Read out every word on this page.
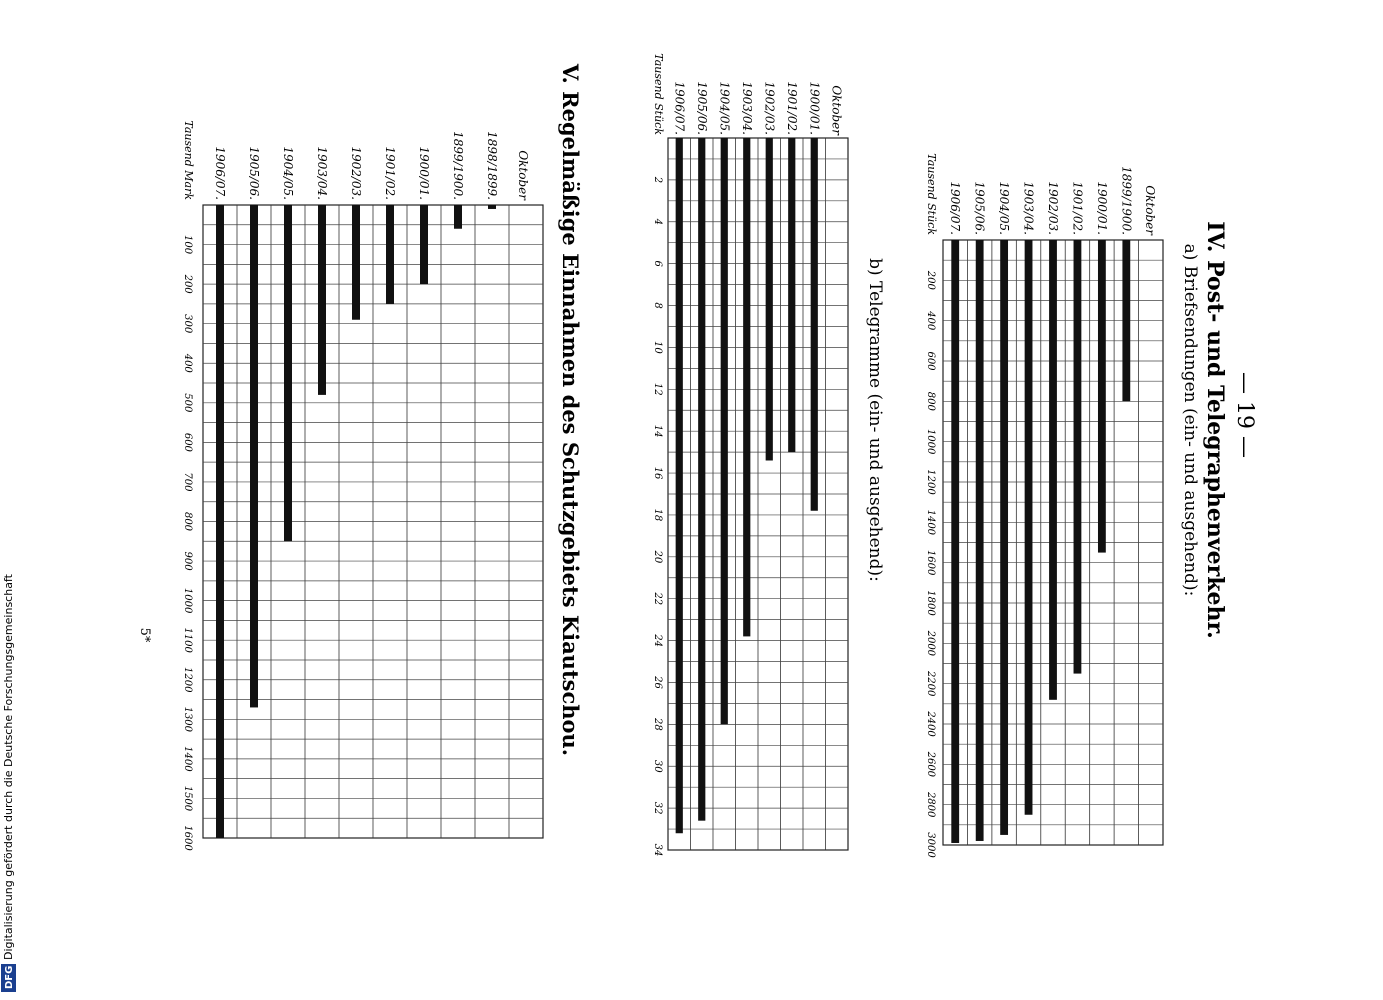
— 19 —
IV. Post- und Telegraphenverkehr.
a) Briefsendungen (ein- und ausgehend):
Oktober
1899/1900.
1900/01.
1901/02.
1902/03.
1903/04.
1904/05.
1905/06.
1906/07.
Tausend Stück
200
400
600
800
1000
1200
1400
1600
1800
2000
2200
2400
2600
2800
3000
b) Telegramme (ein- und ausgehend):
Oktober
1900/01.
1901/02.
1902/03.
1903/04.
1904/05.
1905/06.
1906/07.
Tausend Stück
2
4
6
8
10
12
14
16
18
20
22
24
26
28
30
32
34
V. Regelmäßige Einnahmen des Schutzgebiets Kiautschou.
Oktober
1898/1899.
1899/1900.
1900/01.
1901/02.
1902/03.
1903/04.
1904/05.
1905/06.
1906/07.
Tausend Mark
100
200
300
400
500
600
700
800
900
1000
1100
1200
1300
1400
1500
1600
5*
Digitalisierung gefördert durch die Deutsche Forschungsgemeinschaft
DFG
